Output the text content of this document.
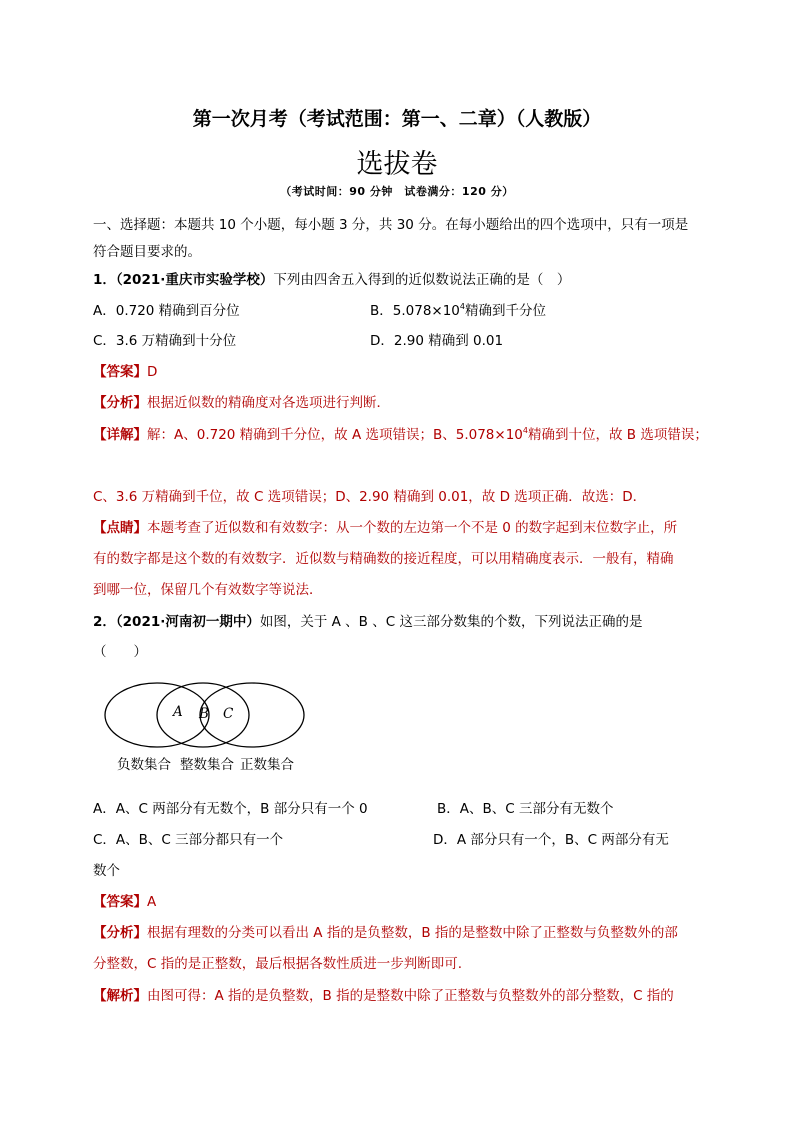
第一次月考（考试范围：第一、二章）（人教版）
选拔卷
（考试时间：90 分钟　试卷满分：120 分）
一、选择题：本题共 10 个小题，每小题 3 分，共 30 分。在每小题给出的四个选项中，只有一项是
符合题目要求的。
1．（2021·重庆市实验学校）下列由四舍五入得到的近似数说法正确的是（　）
A．0.720 精确到百分位	B．$5.078\times 10^4$精确到千分位
C．3.6 万精确到十分位	D．2.90 精确到 0.01
【答案】D
【分析】根据近似数的精确度对各选项进行判断．
【详解】解：A、0.720 精确到千分位，故 A 选项错误；B、$5.078\times 10^4$精确到十位，故 B 选项错误；
C、3.6 万精确到千位，故 C 选项错误；D、2.90 精确到 0.01，故 D 选项正确．故选：D．
【点睛】本题考查了近似数和有效数字：从一个数的左边第一个不是 0 的数字起到末位数字止，所
有的数字都是这个数的有效数字．近似数与精确数的接近程度，可以用精确度表示．一般有，精确
到哪一位，保留几个有效数字等说法．
2．（2021·河南初一期中）如图，关于 A 、B 、C 这三部分数集的个数，下列说法正确的是
（　　）
A B C
负数集合 整数集合 正数集合
A．A、C 两部分有无数个，B 部分只有一个 0	B．A、B、C 三部分有无数个
C．A、B、C 三部分都只有一个	D．A 部分只有一个，B、C 两部分有无
数个
【答案】A
【分析】根据有理数的分类可以看出 A 指的是负整数，B 指的是整数中除了正整数与负整数外的部
分整数，C 指的是正整数，最后根据各数性质进一步判断即可.
【解析】由图可得：A 指的是负整数，B 指的是整数中除了正整数与负整数外的部分整数，C 指的
